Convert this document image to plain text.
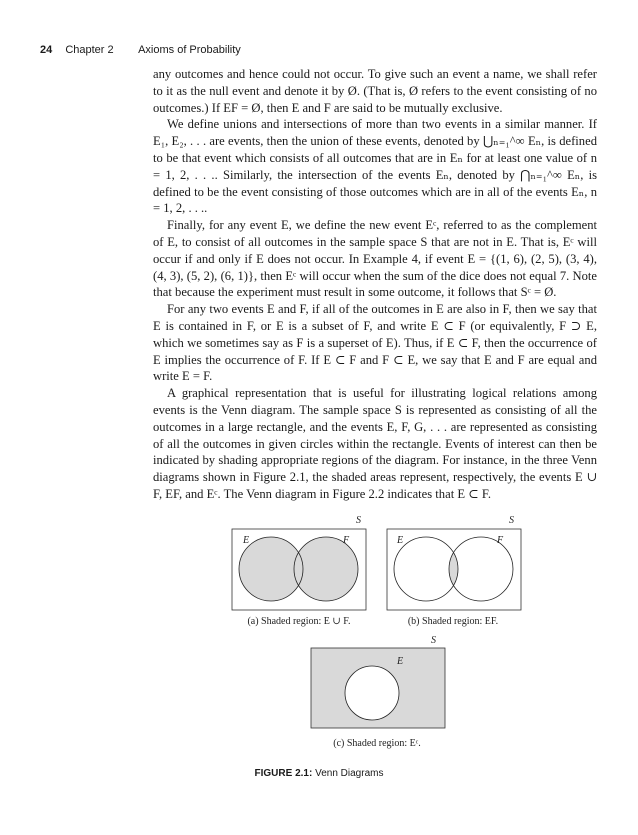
24 Chapter 2 Axioms of Probability

any outcomes and hence could not occur. To give such an event a name, we shall refer to it as the null event and denote it by Ø. (That is, Ø refers to the event consisting of no outcomes.) If EF = Ø, then E and F are said to be mutually exclusive.

We define unions and intersections of more than two events in a similar manner. If E₁, E₂, . . . are events, then the union of these events, denoted by ⋃ₙ₌₁^∞ Eₙ, is defined to be that event which consists of all outcomes that are in Eₙ for at least one value of n = 1, 2, . . .. Similarly, the intersection of the events Eₙ, denoted by ⋂ₙ₌₁^∞ Eₙ, is defined to be the event consisting of those outcomes which are in all of the events Eₙ, n = 1, 2, . . ..

Finally, for any event E, we define the new event Eᶜ, referred to as the complement of E, to consist of all outcomes in the sample space S that are not in E. That is, Eᶜ will occur if and only if E does not occur. In Example 4, if event E = {(1, 6), (2, 5), (3, 4), (4, 3), (5, 2), (6, 1)}, then Eᶜ will occur when the sum of the dice does not equal 7. Note that because the experiment must result in some outcome, it follows that Sᶜ = Ø.

For any two events E and F, if all of the outcomes in E are also in F, then we say that E is contained in F, or E is a subset of F, and write E ⊂ F (or equivalently, F ⊃ E, which we sometimes say as F is a superset of E). Thus, if E ⊂ F, then the occurrence of E implies the occurrence of F. If E ⊂ F and F ⊂ E, we say that E and F are equal and write E = F.

A graphical representation that is useful for illustrating logical relations among events is the Venn diagram. The sample space S is represented as consisting of all the outcomes in a large rectangle, and the events E, F, G, . . . are represented as consisting of all the outcomes in given circles within the rectangle. Events of interest can then be indicated by shading appropriate regions of the diagram. For instance, in the three Venn diagrams shown in Figure 2.1, the shaded areas represent, respectively, the events E ∪ F, EF, and Eᶜ. The Venn diagram in Figure 2.2 indicates that E ⊂ F.

S
E	F
(a) Shaded region: E ∪ F.
S
E	F
(b) Shaded region: EF.
S
E
(c) Shaded region: Eᶜ.
FIGURE 2.1: Venn Diagrams
